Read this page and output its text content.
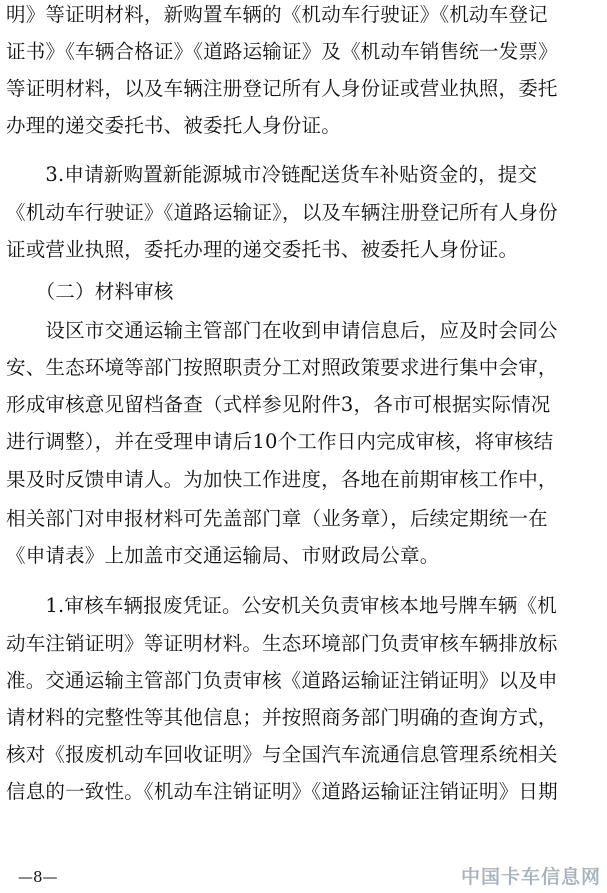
明》等证明材料，新购置车辆的《机动车行驶证》《机动车登记
证书》《车辆合格证》《道路运输证》及《机动车销售统一发票》
等证明材料，以及车辆注册登记所有人身份证或营业执照，委托
办理的递交委托书、被委托人身份证。
　　3.申请新购置新能源城市冷链配送货车补贴资金的，提交
《机动车行驶证》《道路运输证》，以及车辆注册登记所有人身份
证或营业执照，委托办理的递交委托书、被委托人身份证。
　　（二）材料审核
　　设区市交通运输主管部门在收到申请信息后，应及时会同公
安、生态环境等部门按照职责分工对照政策要求进行集中会审，
形成审核意见留档备查（式样参见附件3，各市可根据实际情况
进行调整），并在受理申请后10个工作日内完成审核，将审核结
果及时反馈申请人。为加快工作进度，各地在前期审核工作中，
相关部门对申报材料可先盖部门章（业务章），后续定期统一在
《申请表》上加盖市交通运输局、市财政局公章。
　　1.审核车辆报废凭证。公安机关负责审核本地号牌车辆《机
动车注销证明》等证明材料。生态环境部门负责审核车辆排放标
准。交通运输主管部门负责审核《道路运输证注销证明》以及申
请材料的完整性等其他信息；并按照商务部门明确的查询方式，
核对《报废机动车回收证明》与全国汽车流通信息管理系统相关
信息的一致性。《机动车注销证明》《道路运输证注销证明》日期
—8—	中国卡车信息网
